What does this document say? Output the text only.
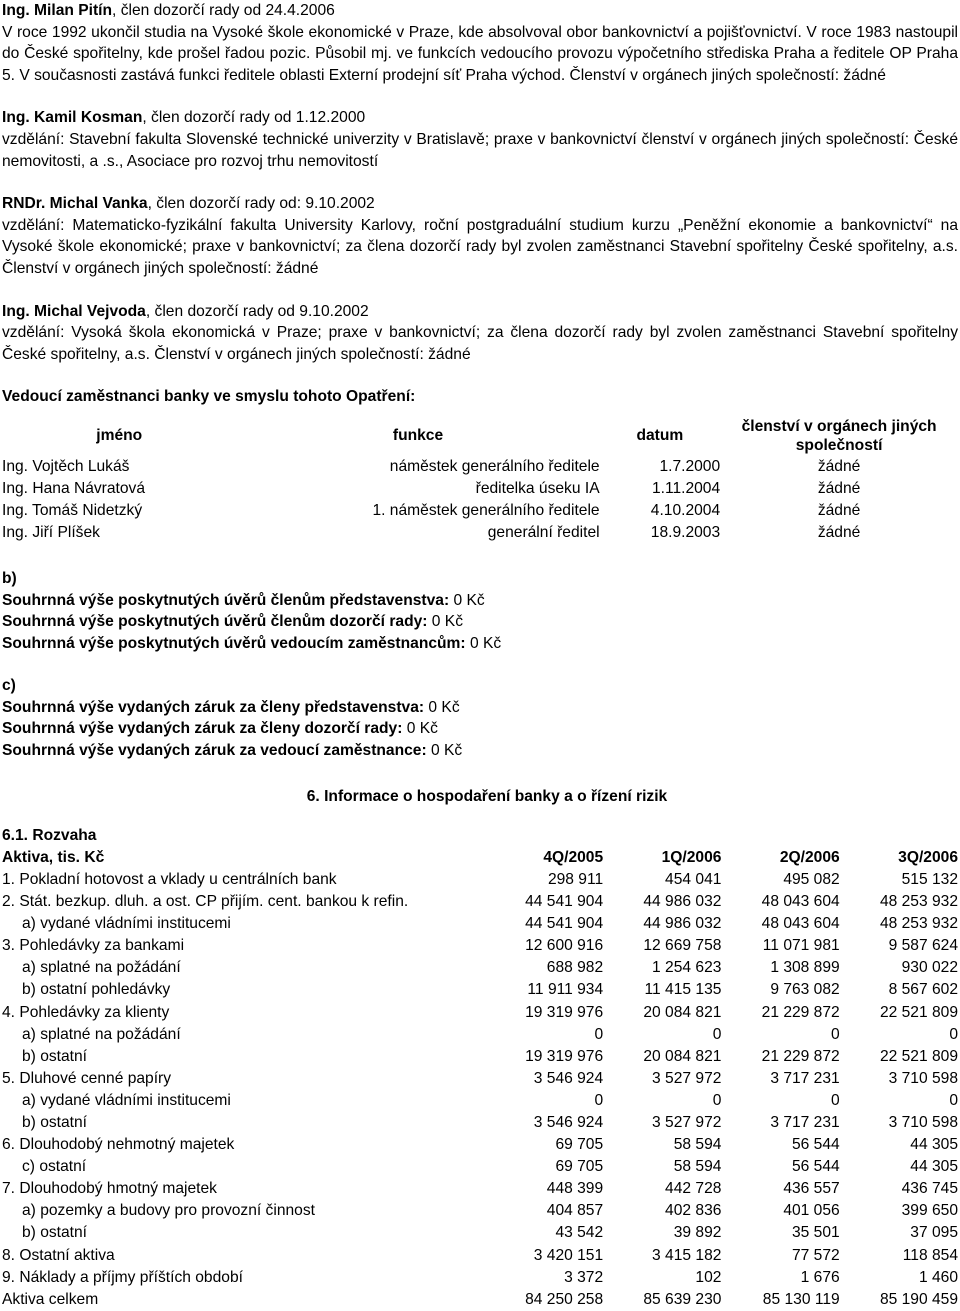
Ing. Milan Pitín, člen dozorčí rady od 24.4.2006

V roce 1992 ukončil studia na Vysoké škole ekonomické v Praze, kde absolvoval obor bankovnictví a pojišťovnictví. V roce 1983 nastoupil do České spořitelny, kde prošel řadou pozic. Působil mj. ve funkcích vedoucího provozu výpočetního střediska Praha a ředitele OP Praha 5. V současnosti zastává funkci ředitele oblasti Externí prodejní síť Praha východ. Členství v orgánech jiných společností: žádné

Ing. Kamil Kosman, člen dozorčí rady od 1.12.2000

vzdělání: Stavební fakulta Slovenské technické univerzity v Bratislavě; praxe v bankovnictví členství v orgánech jiných společností: České nemovitosti, a .s., Asociace pro rozvoj trhu nemovitostí

RNDr. Michal Vanka, člen dozorčí rady od: 9.10.2002

vzdělání: Matematicko-fyzikální fakulta University Karlovy, roční postgraduální studium kurzu „Peněžní ekonomie a bankovnictví“ na Vysoké škole ekonomické; praxe v bankovnictví; za člena dozorčí rady byl zvolen zaměstnanci Stavební spořitelny České spořitelny, a.s. Členství v orgánech jiných společností: žádné

Ing. Michal Vejvoda, člen dozorčí rady od 9.10.2002

vzdělání: Vysoká škola ekonomická v Praze; praxe v bankovnictví; za člena dozorčí rady byl zvolen zaměstnanci Stavební spořitelny České spořitelny, a.s. Členství v orgánech jiných společností: žádné

Vedoucí zaměstnanci banky ve smyslu tohoto Opatření:

jméno	funkce	datum	členství v orgánech jiných společností
Ing. Vojtěch Lukáš	náměstek generálního ředitele	1.7.2000	žádné
Ing. Hana Návratová	ředitelka úseku IA	1.11.2004	žádné
Ing. Tomáš Nidetzký	1. náměstek generálního ředitele	4.10.2004	žádné
Ing. Jiří Plíšek	generální ředitel	18.9.2003	žádné

b)

Souhrnná výše poskytnutých úvěrů členům představenstva: 0 Kč

Souhrnná výše poskytnutých úvěrů členům dozorčí rady: 0 Kč

Souhrnná výše poskytnutých úvěrů vedoucím zaměstnancům: 0 Kč

c)

Souhrnná výše vydaných záruk za členy představenstva: 0 Kč

Souhrnná výše vydaných záruk za členy dozorčí rady: 0 Kč

Souhrnná výše vydaných záruk za vedoucí zaměstnance: 0 Kč

6. Informace o hospodaření banky a o řízení rizik

6.1. Rozvaha

Aktiva, tis. Kč	4Q/2005	1Q/2006	2Q/2006	3Q/2006
1. Pokladní hotovost a vklady u centrálních bank	298 911	454 041	495 082	515 132
2. Stát. bezkup. dluh. a ost. CP přijím. cent. bankou k refin.	44 541 904	44 986 032	48 043 604	48 253 932
a) vydané vládními institucemi	44 541 904	44 986 032	48 043 604	48 253 932
3. Pohledávky za bankami	12 600 916	12 669 758	11 071 981	9 587 624
a) splatné na požádání	688 982	1 254 623	1 308 899	930 022
b) ostatní pohledávky	11 911 934	11 415 135	9 763 082	8 567 602
4. Pohledávky za klienty	19 319 976	20 084 821	21 229 872	22 521 809
a) splatné na požádání	0	0	0	0
b) ostatní	19 319 976	20 084 821	21 229 872	22 521 809
5. Dluhové cenné papíry	3 546 924	3 527 972	3 717 231	3 710 598
a) vydané vládními institucemi	0	0	0	0
b) ostatní	3 546 924	3 527 972	3 717 231	3 710 598
6. Dlouhodobý nehmotný majetek	69 705	58 594	56 544	44 305
c) ostatní	69 705	58 594	56 544	44 305
7. Dlouhodobý hmotný majetek	448 399	442 728	436 557	436 745
a) pozemky a budovy pro provozní činnost	404 857	402 836	401 056	399 650
b) ostatní	43 542	39 892	35 501	37 095
8. Ostatní aktiva	3 420 151	3 415 182	77 572	118 854
9. Náklady a příjmy příštích období	3 372	102	1 676	1 460
Aktiva celkem	84 250 258	85 639 230	85 130 119	85 190 459
